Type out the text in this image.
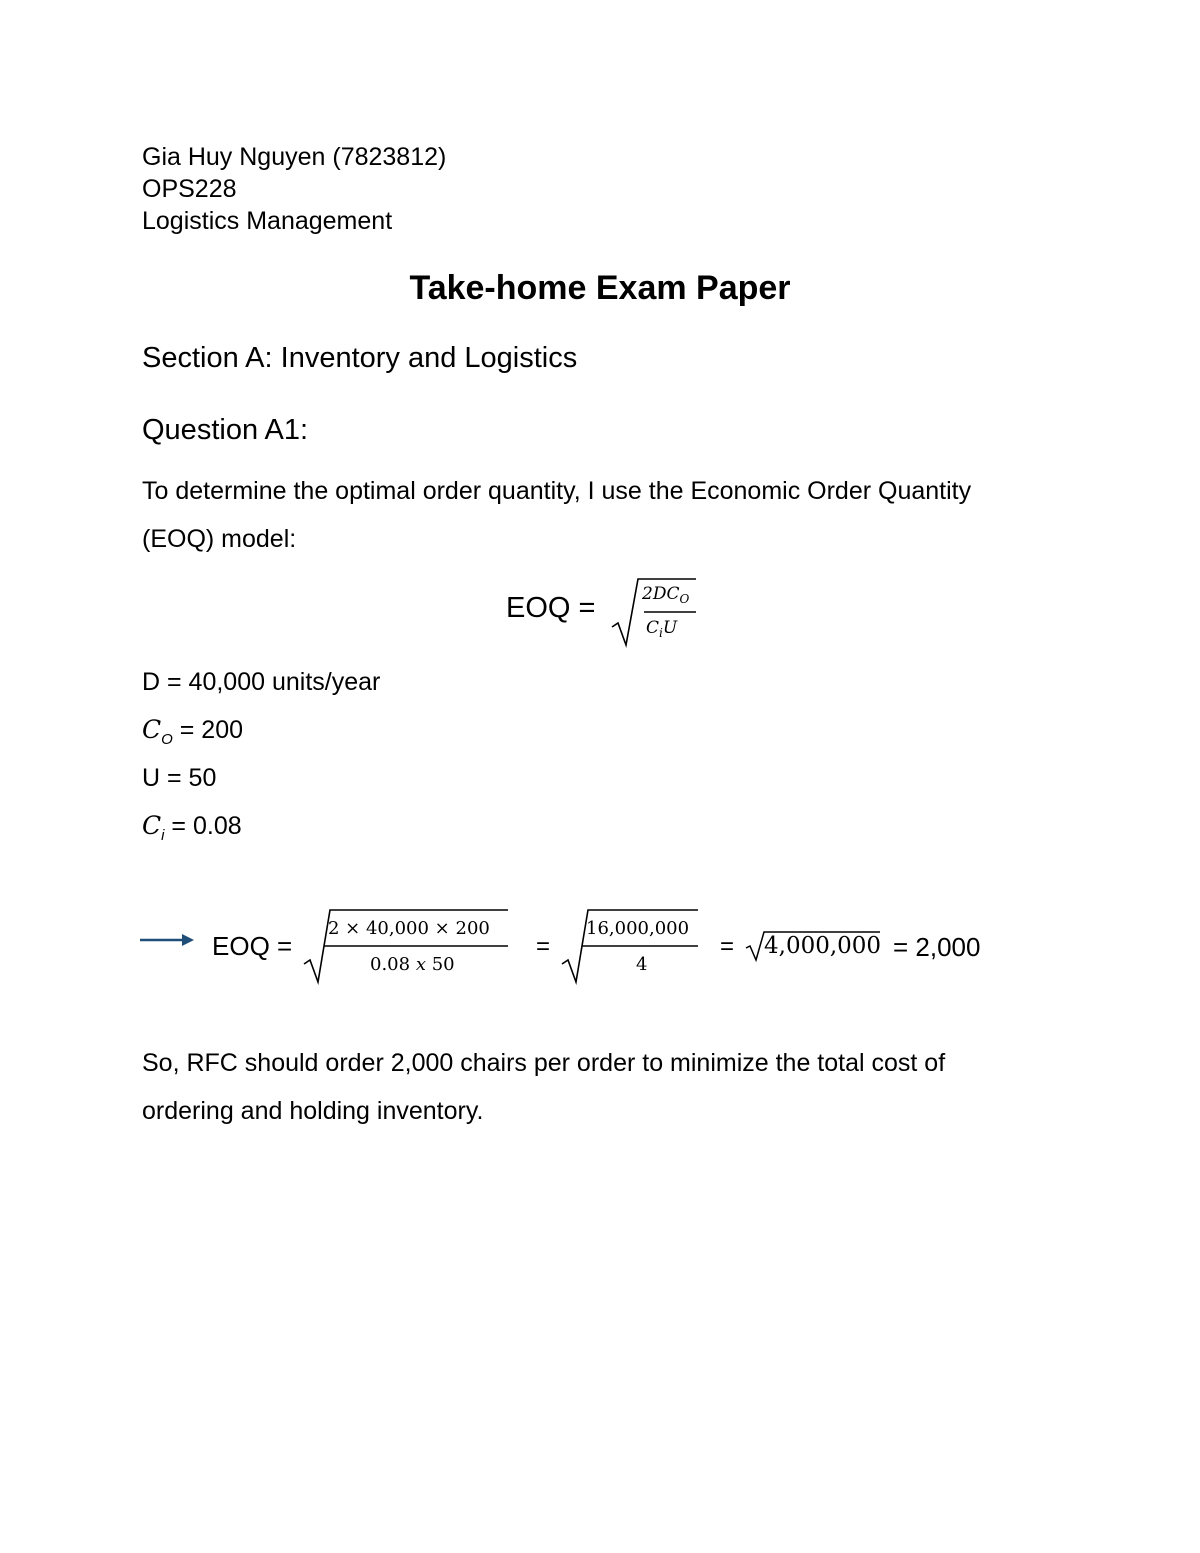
Gia Huy Nguyen (7823812)
OPS228
Logistics Management
Take-home Exam Paper
Section A: Inventory and Logistics
Question A1:
To determine the optimal order quantity, I use the Economic Order Quantity
(EOQ) model:
EOQ =	$2DC_O$
$C_iU$
D = 40,000 units/year
$C_O = 200$
U = 50
$C_i = 0.08$
EOQ =
2 × 40,000 × 200
0.08 x 50
=
16,000,000
4
= 4,000,000 = 2,000
So, RFC should order 2,000 chairs per order to minimize the total cost of
ordering and holding inventory.
